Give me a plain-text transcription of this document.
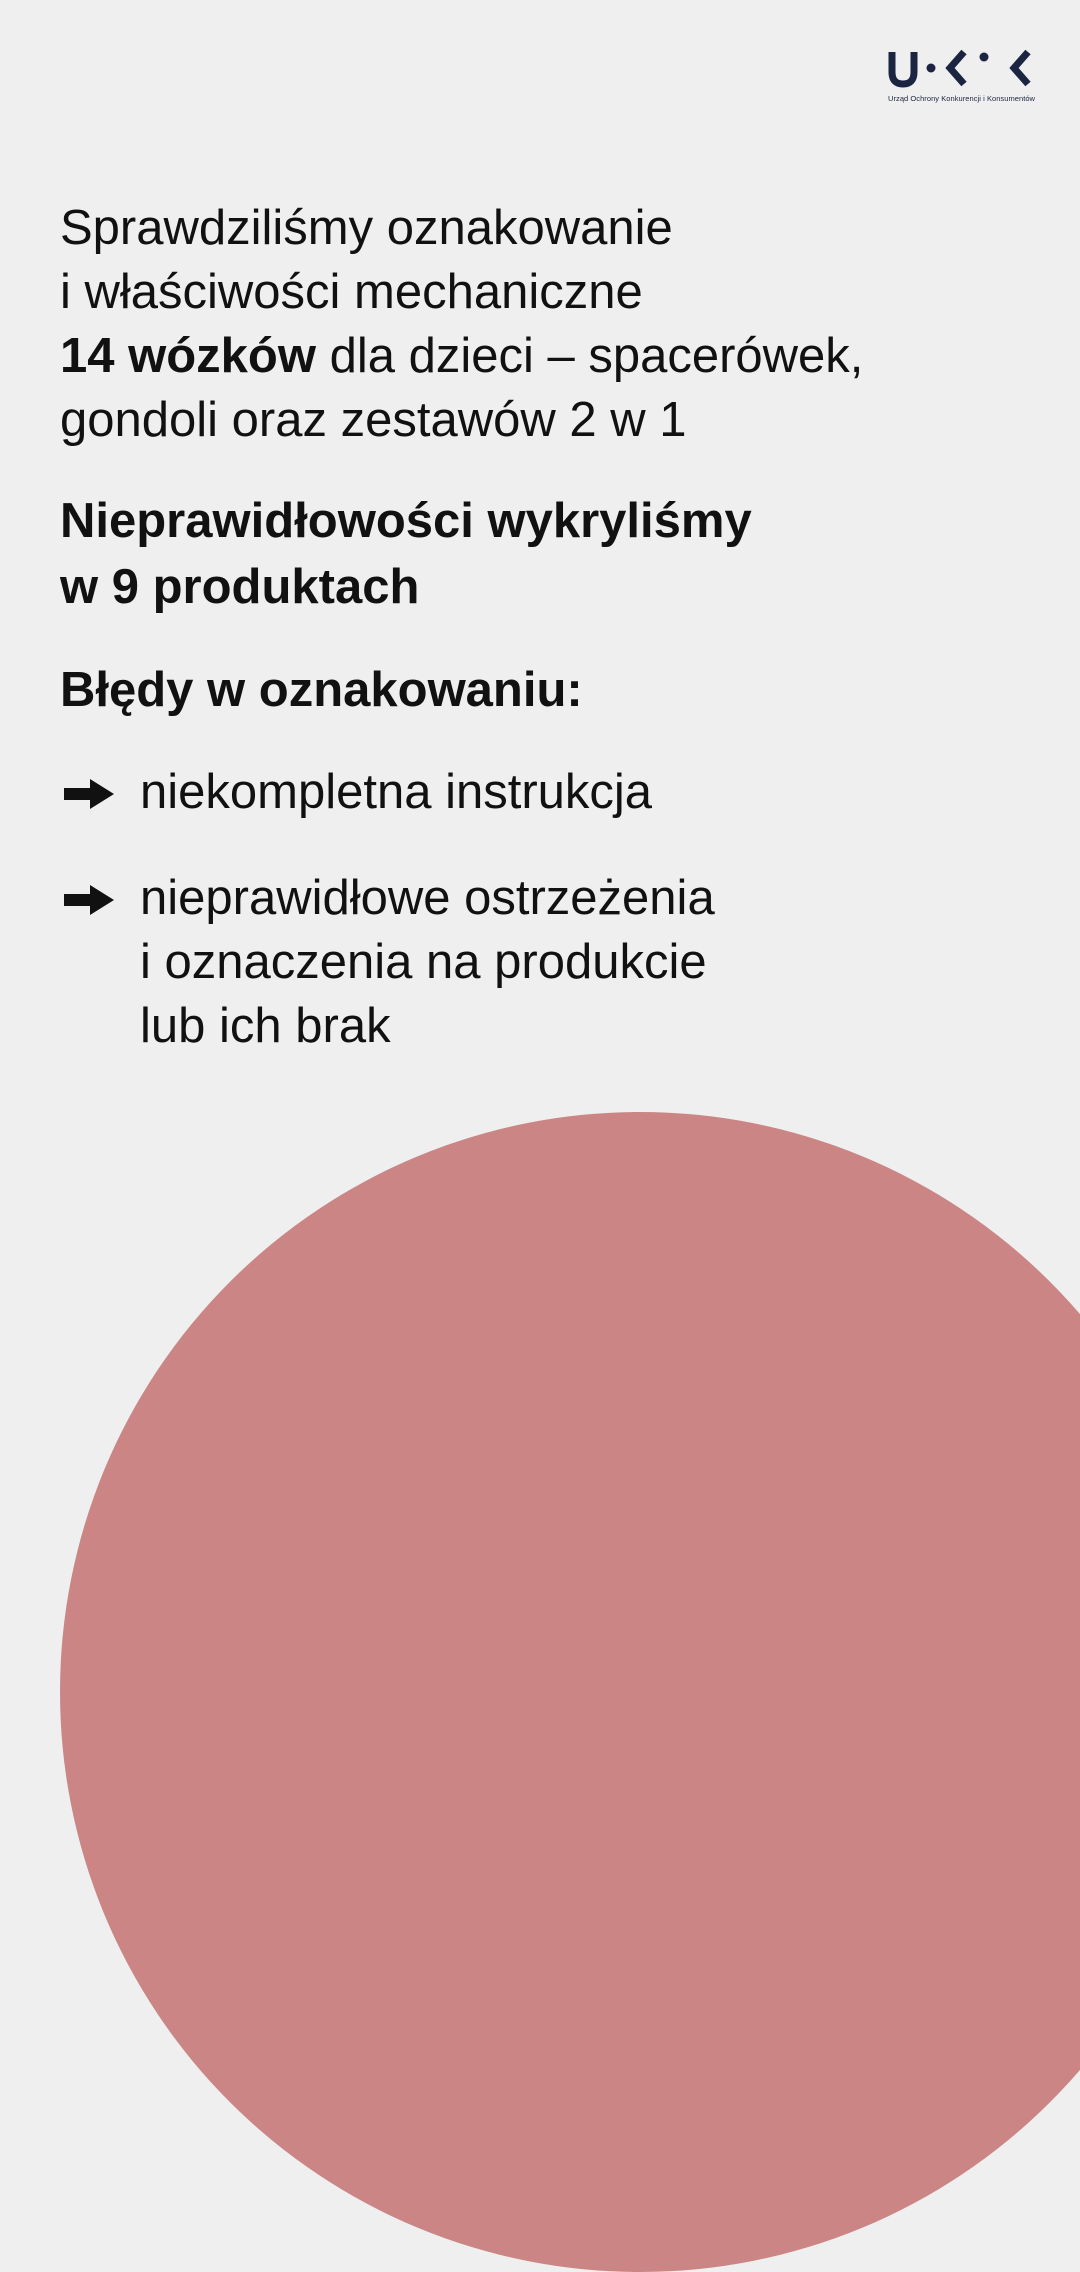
Urząd Ochrony Konkurencji i Konsumentów

Sprawdziliśmy oznakowanie
i właściwości mechaniczne
14 wózków dla dzieci – spacerówek,
gondoli oraz zestawów 2 w 1

Nieprawidłowości wykryliśmy
w 9 produktach

Błędy w oznakowaniu:

niekompletna instrukcja
nieprawidłowe ostrzeżenia
i oznaczenia na produkcie
lub ich brak
